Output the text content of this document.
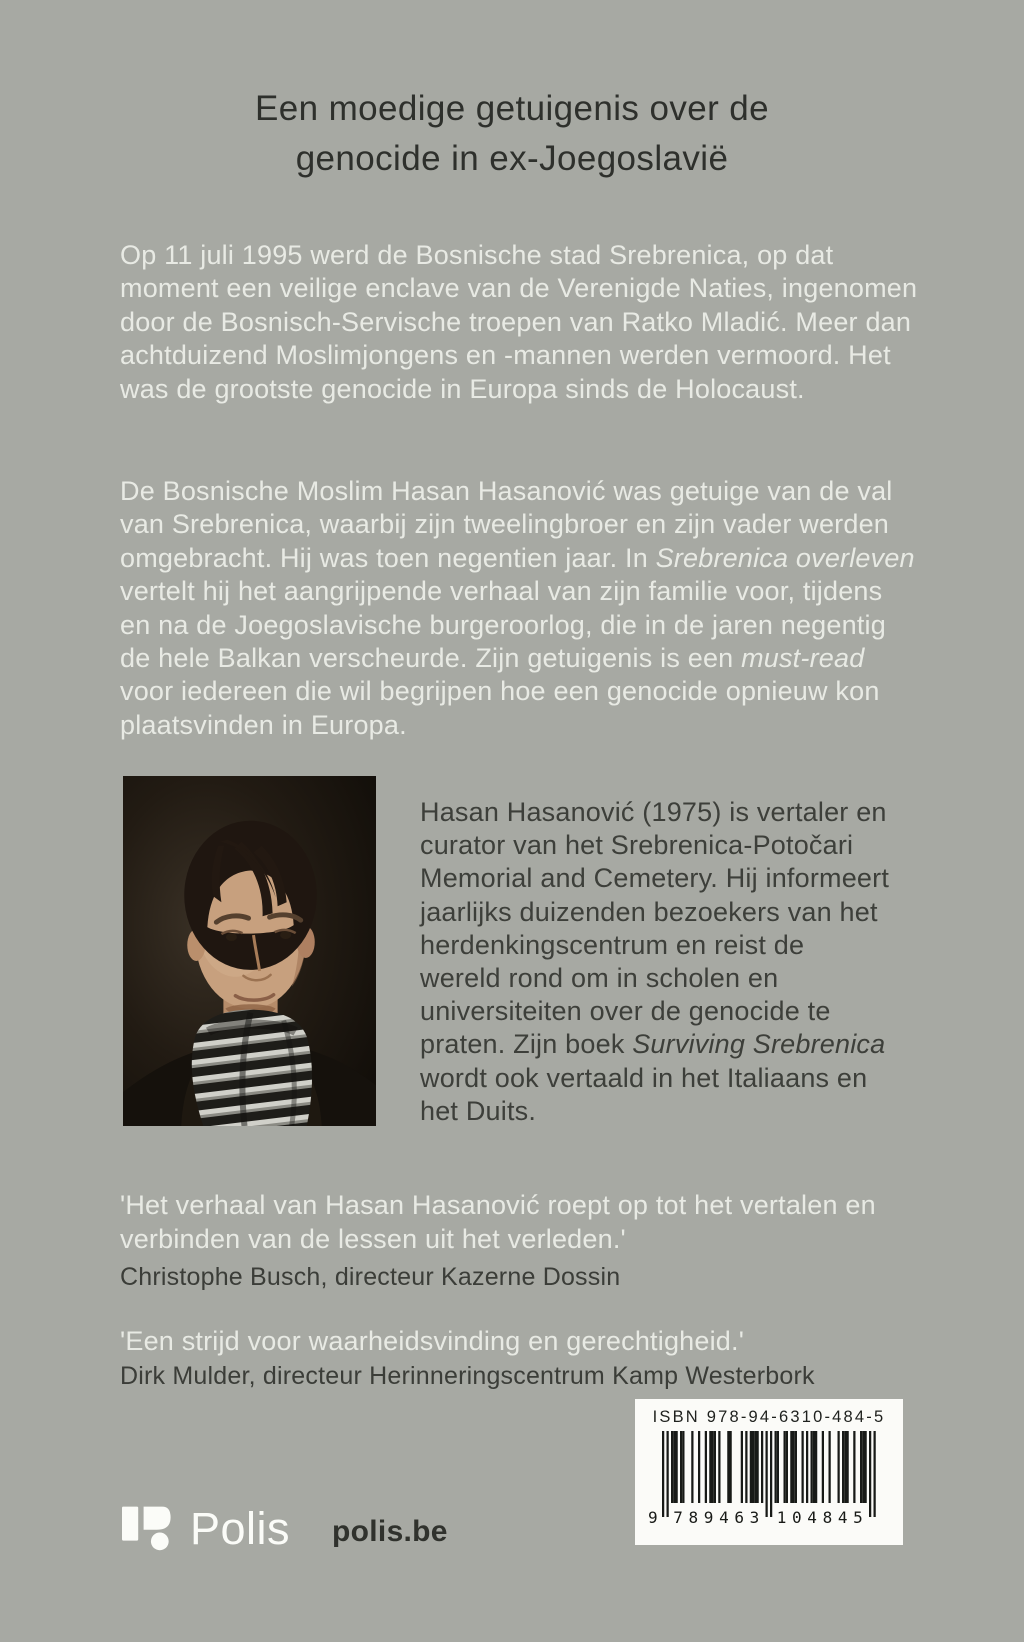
Een moedige getuigenis over de
genocide in ex-Joegoslavië

Op 11 juli 1995 werd de Bosnische stad Srebrenica, op dat moment een veilige enclave van de Verenigde Naties, ingenomen door de Bosnisch-Servische troepen van Ratko Mladić. Meer dan achtduizend Moslimjongens en -mannen werden vermoord. Het was de grootste genocide in Europa sinds de Holocaust.

De Bosnische Moslim Hasan Hasanović was getuige van de val van Srebrenica, waarbij zijn tweelingbroer en zijn vader werden omgebracht. Hij was toen negentien jaar. In Srebrenica overleven vertelt hij het aangrijpende verhaal van zijn familie voor, tijdens en na de Joegoslavische burgeroorlog, die in de jaren negentig de hele Balkan verscheurde. Zijn getuigenis is een must-read voor iedereen die wil begrijpen hoe een genocide opnieuw kon plaatsvinden in Europa.

Hasan Hasanović (1975) is vertaler en curator van het Srebrenica-Potočari Memorial and Cemetery. Hij informeert jaarlijks duizenden bezoekers van het herdenkingscentrum en reist de wereld rond om in scholen en universiteiten over de genocide te praten. Zijn boek Surviving Srebrenica wordt ook vertaald in het Italiaans en het Duits.

'Het verhaal van Hasan Hasanović roept op tot het vertalen en verbinden van de lessen uit het verleden.'

Christophe Busch, directeur Kazerne Dossin

'Een strijd voor waarheidsvinding en gerechtigheid.'

Dirk Mulder, directeur Herinneringscentrum Kamp Westerbork

ISBN 978-94-6310-484-5
9 789463 104845
Polis polis.be
